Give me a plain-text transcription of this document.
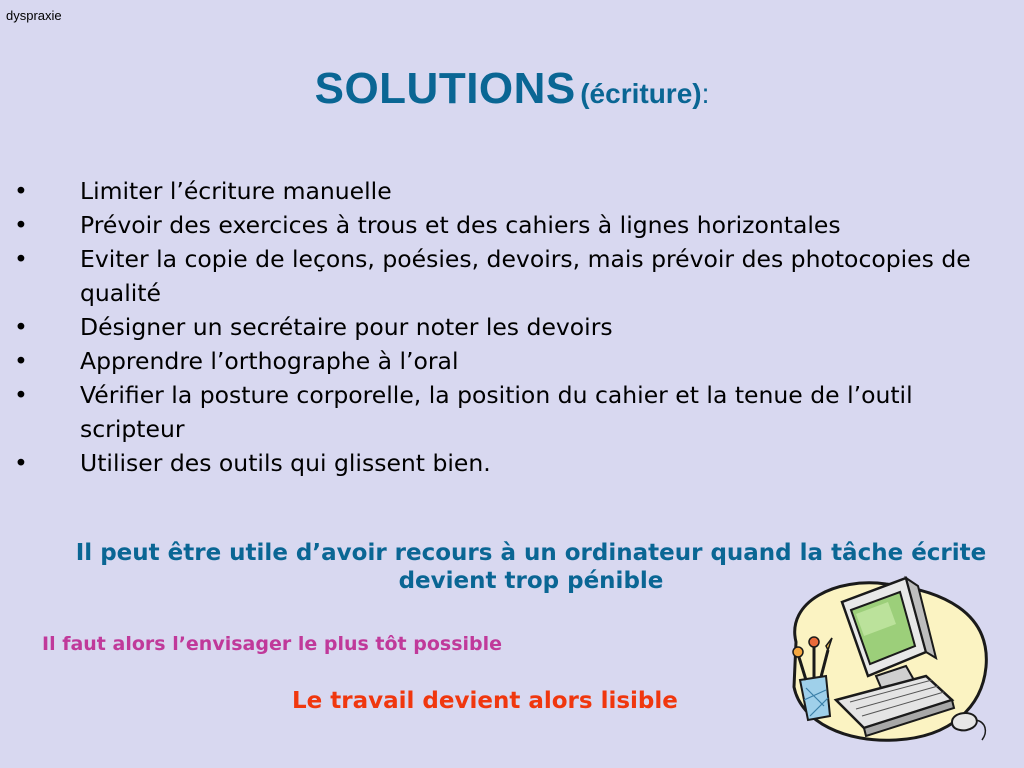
dyspraxie
SOLUTIONS (écriture):
• Limiter l’écriture manuelle
• Prévoir des exercices à trous et des cahiers à lignes horizontales
• Eviter la copie de leçons, poésies, devoirs, mais prévoir des photocopies de qualité
• Désigner un secrétaire pour noter les devoirs
• Apprendre l’orthographe à l’oral
• Vérifier la posture corporelle, la position du cahier et la tenue de l’outil scripteur
• Utiliser des outils qui glissent bien.
Il peut être utile d’avoir recours à un ordinateur quand la tâche écrite devient trop pénible
Il faut alors l’envisager le plus tôt possible
Le travail devient alors lisible
